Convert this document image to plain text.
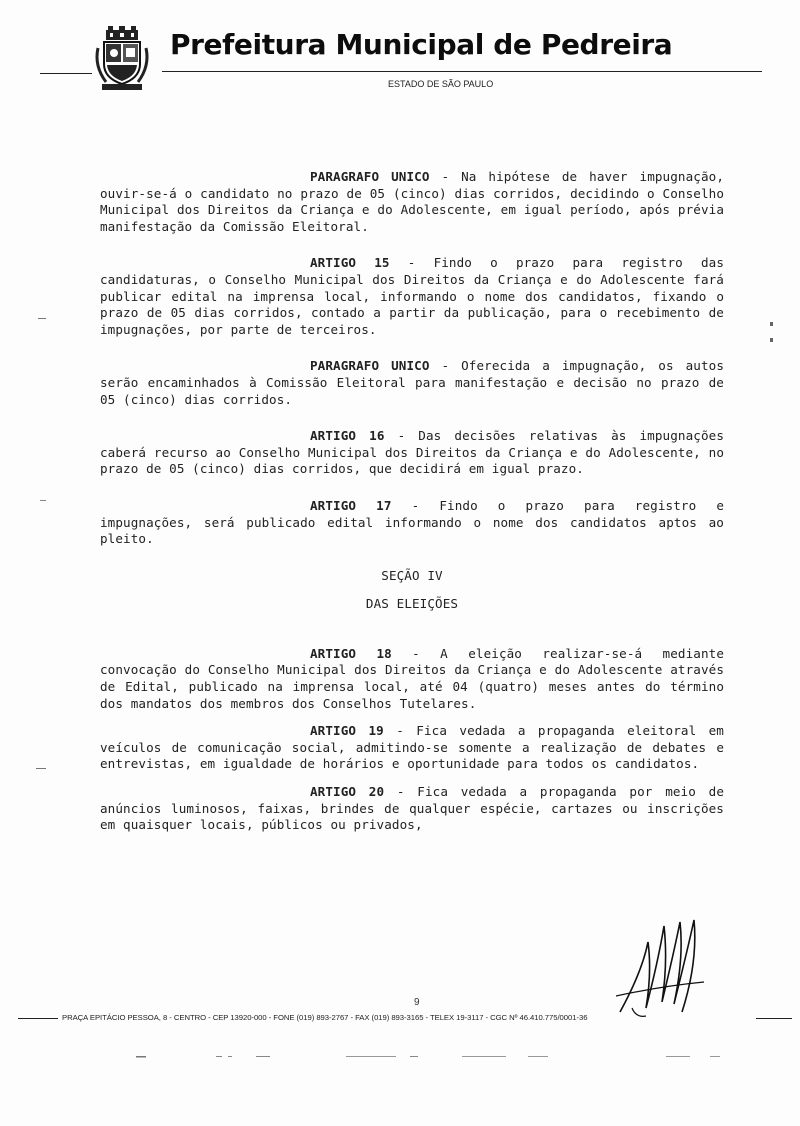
Prefeitura Municipal de Pedreira
ESTADO DE SÃO PAULO

PARAGRAFO UNICO - Na hipótese de haver impugnação, ouvir-se-á o candidato no prazo de 05 (cinco) dias corridos, decidindo o Conselho Municipal dos Direitos da Criança e do Adolescente, em igual período, após prévia manifestação da Comissão Eleitoral.

ARTIGO 15 - Findo o prazo para registro das candidaturas, o Conselho Municipal dos Direitos da Criança e do Adolescente fará publicar edital na imprensa local, informando o nome dos candidatos, fixando o prazo de 05 dias corridos, contado a partir da publicação, para o recebimento de impugnações, por parte de terceiros.

PARAGRAFO UNICO - Oferecida a impugnação, os autos serão encaminhados à Comissão Eleitoral para manifestação e decisão no prazo de 05 (cinco) dias corridos.

ARTIGO 16 - Das decisões relativas às impugnações caberá recurso ao Conselho Municipal dos Direitos da Criança e do Adolescente, no prazo de 05 (cinco) dias corridos, que decidirá em igual prazo.

ARTIGO 17 - Findo o prazo para registro e impugnações, será publicado edital informando o nome dos candidatos aptos ao pleito.

SEÇÃO IV
DAS ELEIÇÕES

ARTIGO 18 - A eleição realizar-se-á mediante convocação do Conselho Municipal dos Direitos da Criança e do Adolescente através de Edital, publicado na imprensa local, até 04 (quatro) meses antes do término dos mandatos dos membros dos Conselhos Tutelares.

ARTIGO 19 - Fica vedada a propaganda eleitoral em veículos de comunicação social, admitindo-se somente a realização de debates e entrevistas, em igualdade de horários e oportunidade para todos os candidatos.

ARTIGO 20 - Fica vedada a propaganda por meio de anúncios luminosos, faixas, brindes de qualquer espécie, cartazes ou inscrições em quaisquer locais, públicos ou privados,

9
PRAÇA EPITÁCIO PESSOA, 8 - CENTRO - CEP 13920-000 - FONE (019) 893-2767 - FAX (019) 893-3165 - TELEX 19-3117 - CGC Nº 46.410.775/0001-36
